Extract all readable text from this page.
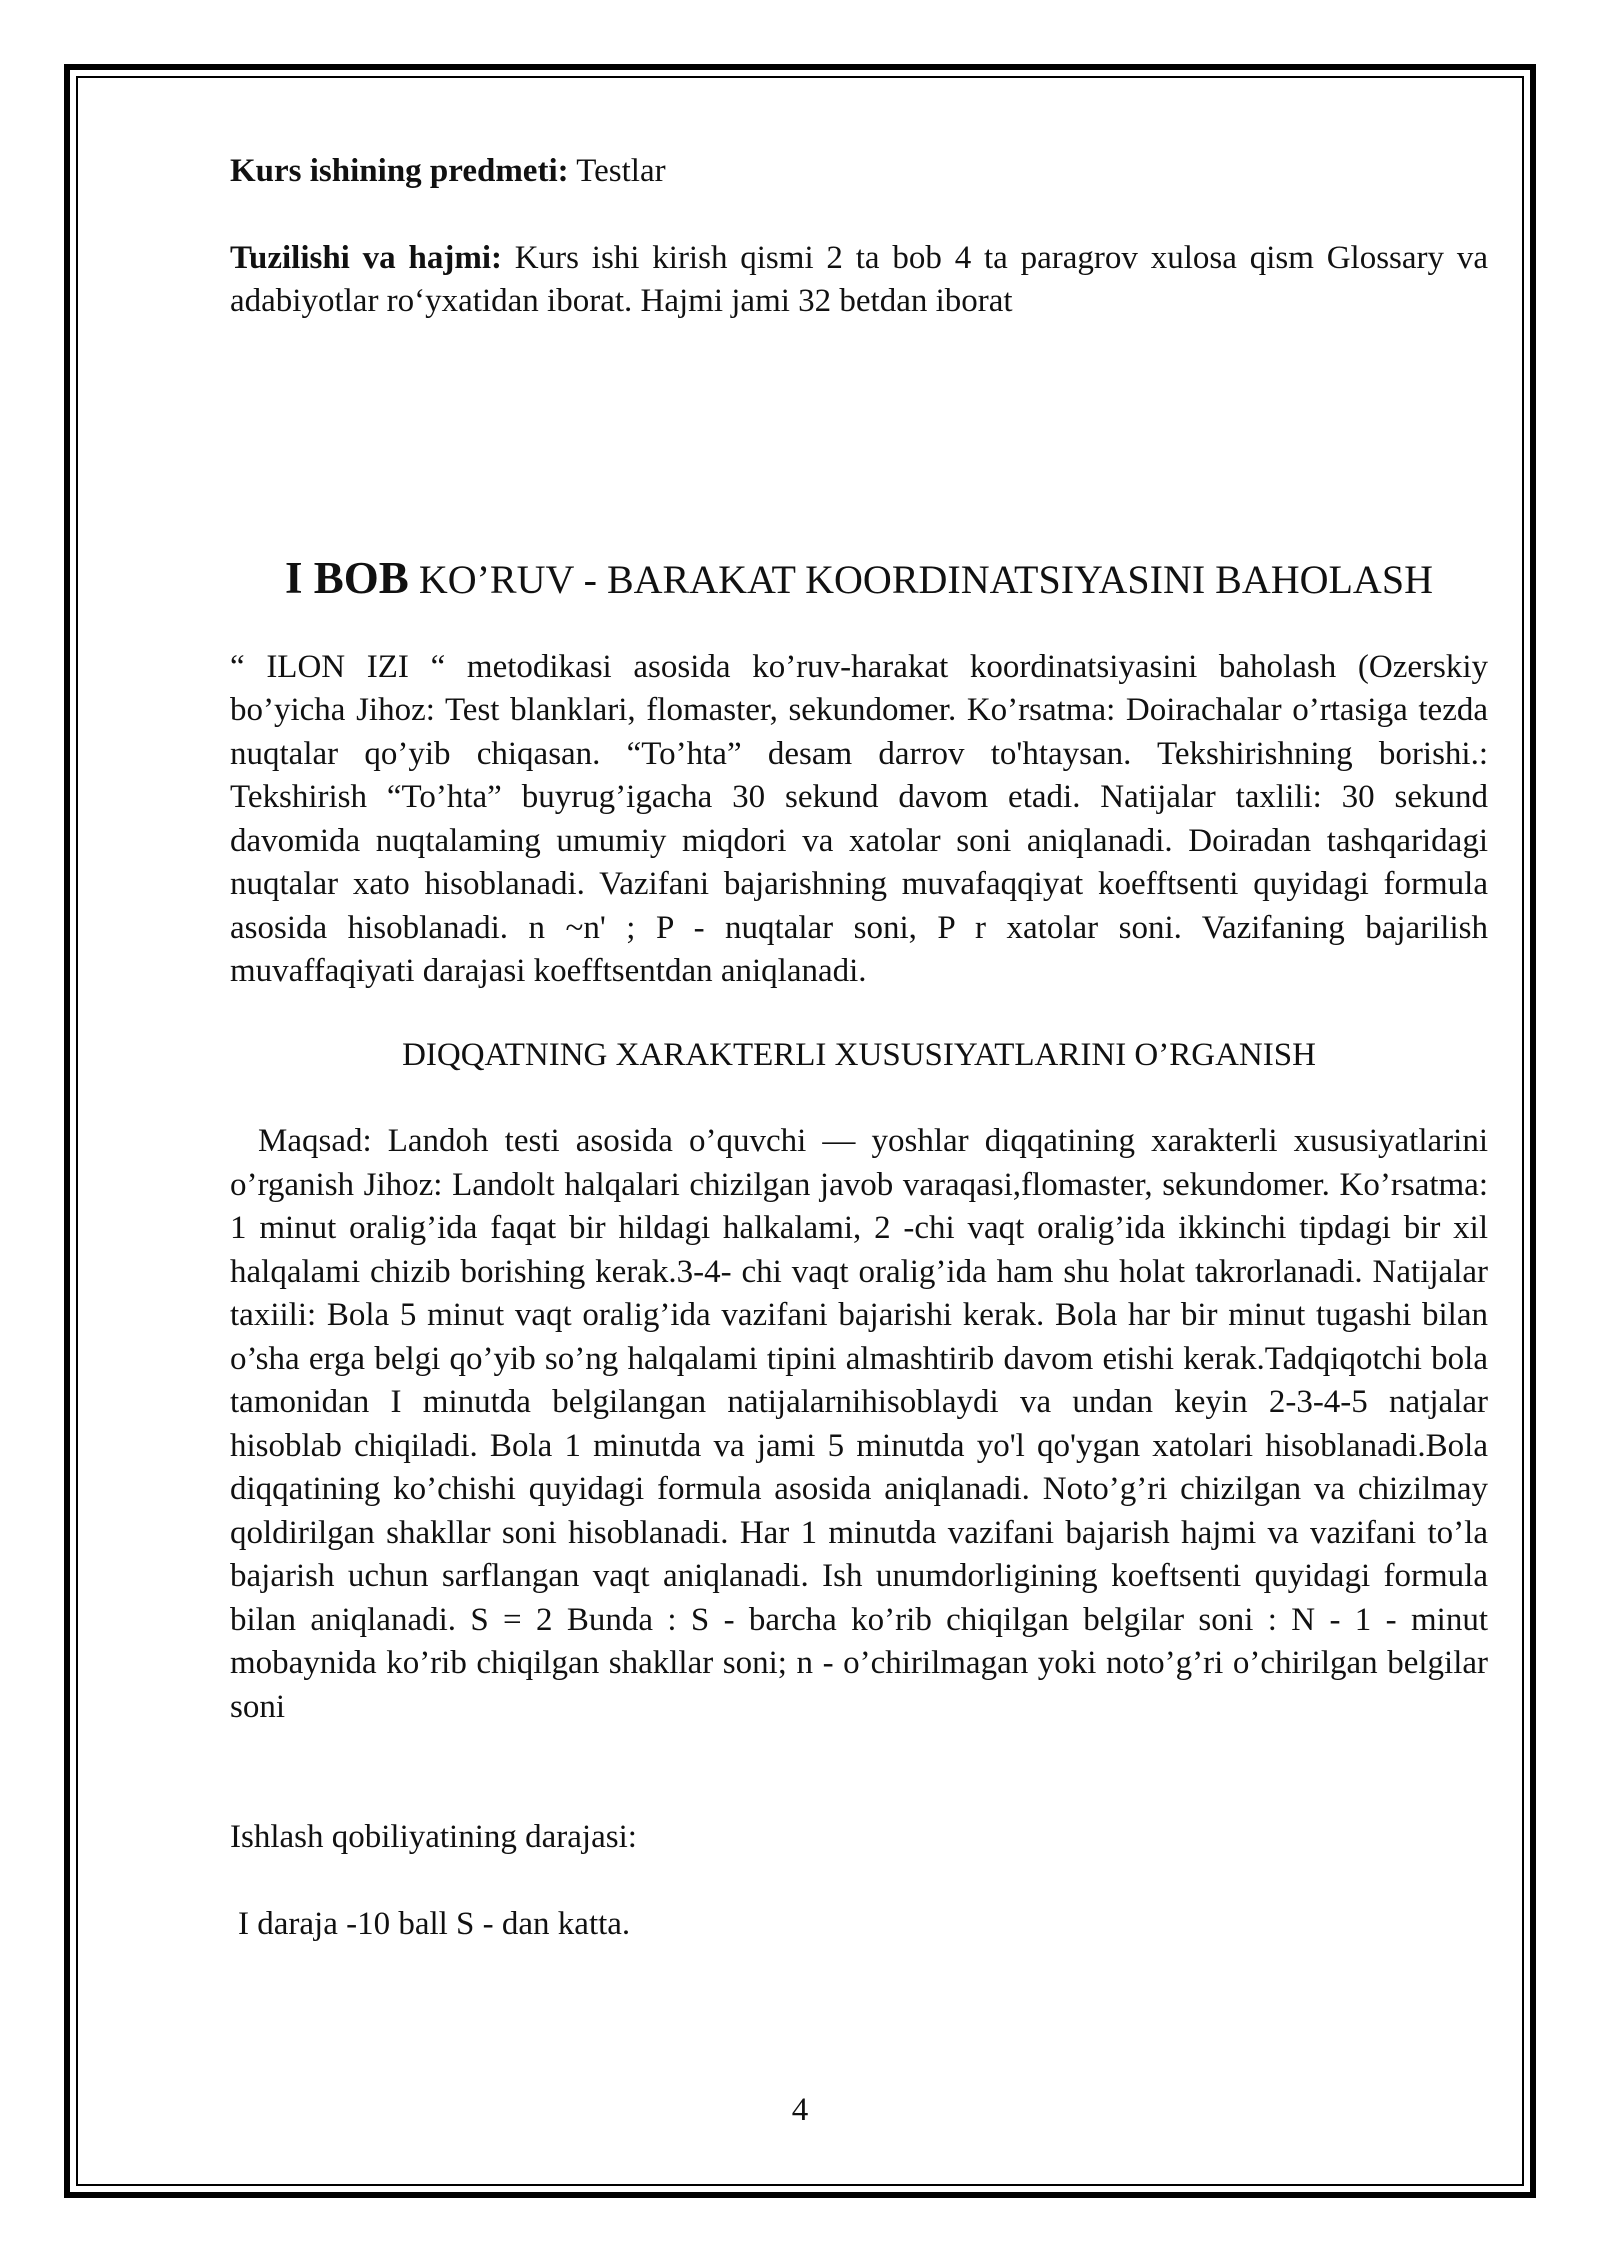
Kurs ishining predmeti: Testlar

Tuzilishi va hajmi: Kurs ishi kirish qismi 2 ta bob 4 ta paragrov xulosa qism Glossary va adabiyotlar ro‘yxatidan iborat. Hajmi jami 32 betdan iborat

I BOB KO’RUV - BARAKAT KOORDINATSIYASINI BAHOLASH

“ ILON IZI “ metodikasi asosida ko’ruv-harakat koordinatsiyasini baholash (Ozerskiy bo’yicha Jihoz: Test blanklari, flomaster, sekundomer. Ko’rsatma: Doirachalar o’rtasiga tezda nuqtalar qo’yib chiqasan. “To’hta” desam darrov to'htaysan. Tekshirishning borishi.: Tekshirish “To’hta” buyrug’igacha 30 sekund davom etadi. Natijalar taxlili: 30 sekund davomida nuqtalaming umumiy miqdori va xatolar soni aniqlanadi. Doiradan tashqaridagi nuqtalar xato hisoblanadi. Vazifani bajarishning muvafaqqiyat koefftsenti quyidagi formula asosida hisoblanadi. n ~n' ; P - nuqtalar soni, P r xatolar soni. Vazifaning bajarilish muvaffaqiyati darajasi koefftsentdan aniqlanadi.

DIQQATNING XARAKTERLI XUSUSIYATLARINI O’RGANISH

Maqsad: Landoh testi asosida o’quvchi — yoshlar diqqatining xarakterli xususiyatlarini o’rganish Jihoz: Landolt halqalari chizilgan javob varaqasi,flomaster, sekundomer. Ko’rsatma: 1 minut oralig’ida faqat bir hildagi halkalami, 2 -chi vaqt oralig’ida ikkinchi tipdagi bir xil halqalami chizib borishing kerak.3-4- chi vaqt oralig’ida ham shu holat takrorlanadi. Natijalar taxiili: Bola 5 minut vaqt oralig’ida vazifani bajarishi kerak. Bola har bir minut tugashi bilan o’sha erga belgi qo’yib so’ng halqalami tipini almashtirib davom etishi kerak.Tadqiqotchi bola tamonidan I minutda belgilangan natijalarnihisoblaydi va undan keyin 2-3-4-5 natjalar hisoblab chiqiladi. Bola 1 minutda va jami 5 minutda yo'l qo'ygan xatolari hisoblanadi.Bola diqqatining ko’chishi quyidagi formula asosida aniqlanadi. Noto’g’ri chizilgan va chizilmay qoldirilgan shakllar soni hisoblanadi. Har 1 minutda vazifani bajarish hajmi va vazifani to’la bajarish uchun sarflangan vaqt aniqlanadi. Ish unumdorligining koeftsenti quyidagi formula bilan aniqlanadi. S = 2 Bunda : S - barcha ko’rib chiqilgan belgilar soni : N - 1 - minut mobaynida ko’rib chiqilgan shakllar soni; n - o’chirilmagan yoki noto’g’ri o’chirilgan belgilar soni

Ishlash qobiliyatining darajasi:

I daraja -10 ball S - dan katta.

4
